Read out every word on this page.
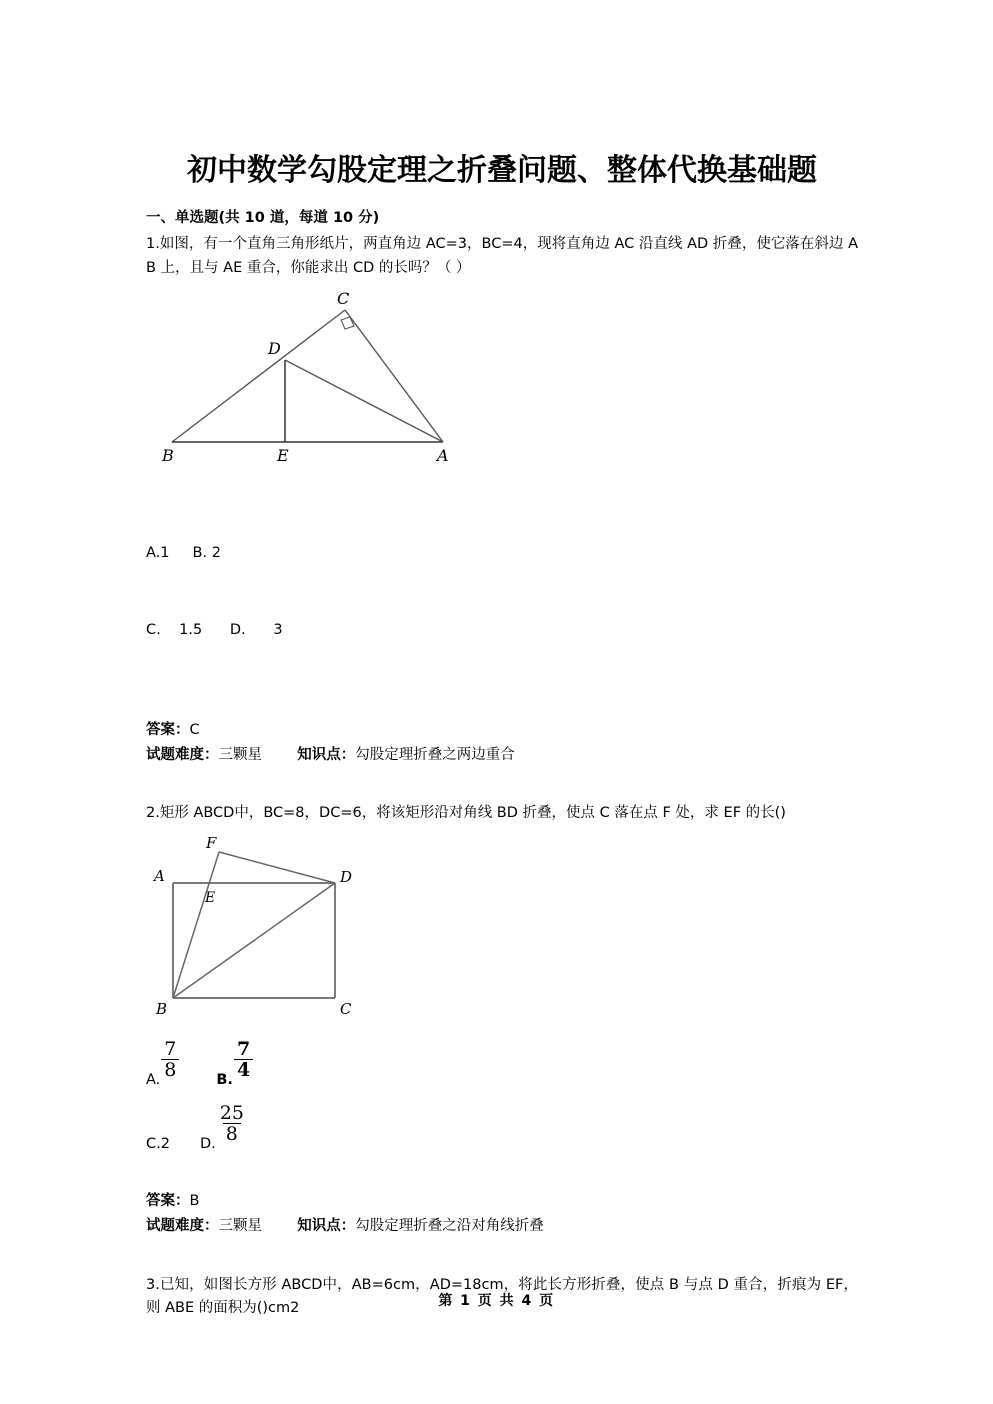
初中数学勾股定理之折叠问题、整体代换基础题
一、单选题(共 10 道，每道 10 分)
1.如图，有一个直角三角形纸片，两直角边 AC=3，BC=4，现将直角边 AC 沿直线 AD 折叠，使它落在斜边 AB 上，且与 AE 重合，你能求出 CD 的长吗？（ ）
C
D
B	E	A

A.1     B. 2

C.    1.5      D.      3

答案：C
试题难度：三颗星 知识点：勾股定理折叠之两边重合
2.矩形 ABCD中，BC=8，DC=6，将该矩形沿对角线 BD 折叠，使点 C 落在点 F 处，求 EF 的长()
F
A
E
D
B	C
A. $\frac{7}{8}$	B. $\frac{7}{4}$
C.2 D. $\frac{25}{8}$
答案：B
试题难度：三颗星 知识点：勾股定理折叠之沿对角线折叠
3.已知，如图长方形 ABCD中，AB=6cm，AD=18cm，将此长方形折叠，使点 B 与点 D 重合，折痕为 EF，则 ABE 的面积为()cm2	第 1 页 共 4 页
